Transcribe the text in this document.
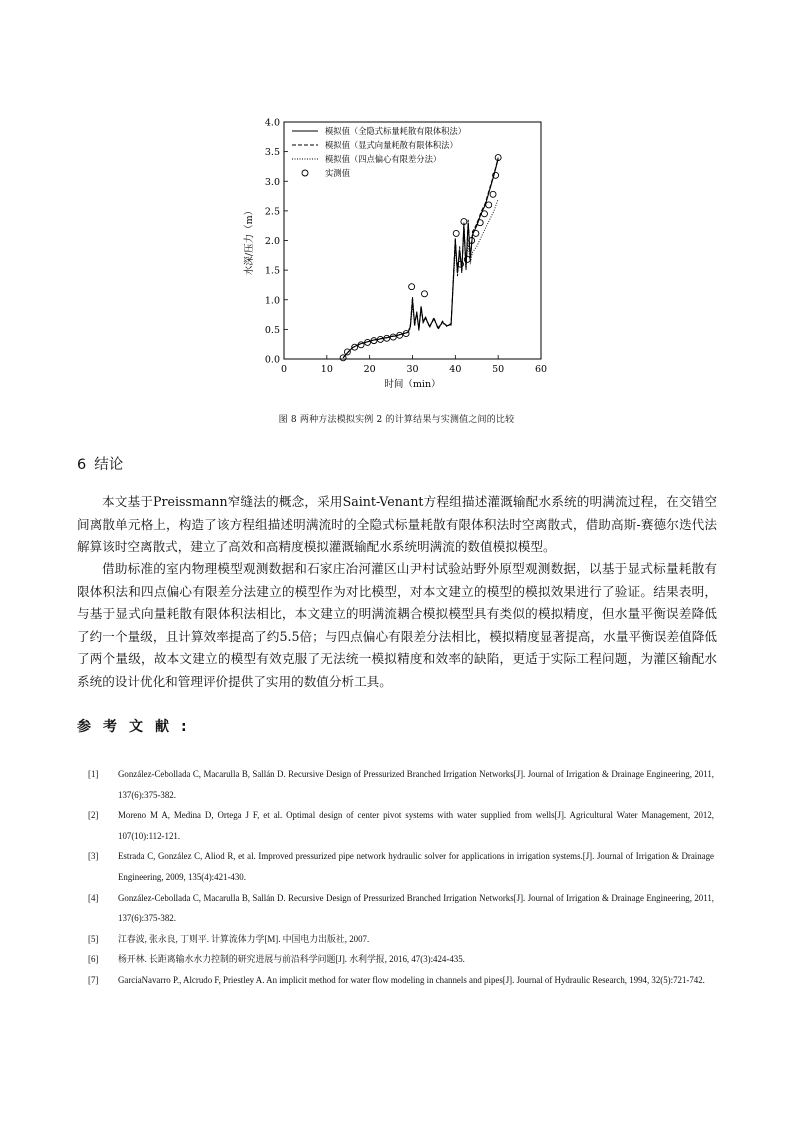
0	10	20	30	40	50	60
0.0
0.5
1.0
1.5
2.0
2.5
3.0
3.5
4.0
时间（min）
水深/压力（m）
模拟值（全隐式标量耗散有限体积法）
模拟值（显式向量耗散有限体积法）
模拟值（四点偏心有限差分法）
实测值
图 8 两种方法模拟实例 2 的计算结果与实测值之间的比较
6 结论

本文基于Preissmann窄缝法的概念，采用Saint-Venant方程组描述灌溉输配水系统的明满流过程，在交错空间离散单元格上，构造了该方程组描述明满流时的全隐式标量耗散有限体积法时空离散式，借助高斯-赛德尔迭代法解算该时空离散式，建立了高效和高精度模拟灌溉输配水系统明满流的数值模拟模型。

借助标准的室内物理模型观测数据和石家庄冶河灌区山尹村试验站野外原型观测数据，以基于显式标量耗散有限体积法和四点偏心有限差分法建立的模型作为对比模型，对本文建立的模型的模拟效果进行了验证。结果表明，与基于显式向量耗散有限体积法相比，本文建立的明满流耦合模拟模型具有类似的模拟精度，但水量平衡误差降低了约一个量级，且计算效率提高了约5.5倍；与四点偏心有限差分法相比，模拟精度显著提高，水量平衡误差值降低了两个量级，故本文建立的模型有效克服了无法统一模拟精度和效率的缺陷，更适于实际工程问题，为灌区输配水系统的设计优化和管理评价提供了实用的数值分析工具。

参考文献:
[1] González-Cebollada C, Macarulla B, Sallán D. Recursive Design of Pressurized Branched Irrigation Networks[J]. Journal of Irrigation & Drainage Engineering, 2011, 137(6):375-382.
[2] Moreno M A, Medina D, Ortega J F, et al. Optimal design of center pivot systems with water supplied from wells[J]. Agricultural Water Management, 2012, 107(10):112-121.
[3] Estrada C, González C, Aliod R, et al. Improved pressurized pipe network hydraulic solver for applications in irrigation systems.[J]. Journal of Irrigation & Drainage Engineering, 2009, 135(4):421-430.
[4] González-Cebollada C, Macarulla B, Sallán D. Recursive Design of Pressurized Branched Irrigation Networks[J]. Journal of Irrigation & Drainage Engineering, 2011, 137(6):375-382.
[5] 江春波, 张永良, 丁则平. 计算流体力学[M]. 中国电力出版社, 2007.
[6] 杨开林. 长距离输水水力控制的研究进展与前沿科学问题[J]. 水利学报, 2016, 47(3):424-435.
[7] GarciaNavarro P., Alcrudo F, Priestley A. An implicit method for water flow modeling in channels and pipes[J]. Journal of Hydraulic Research, 1994, 32(5):721-742.
